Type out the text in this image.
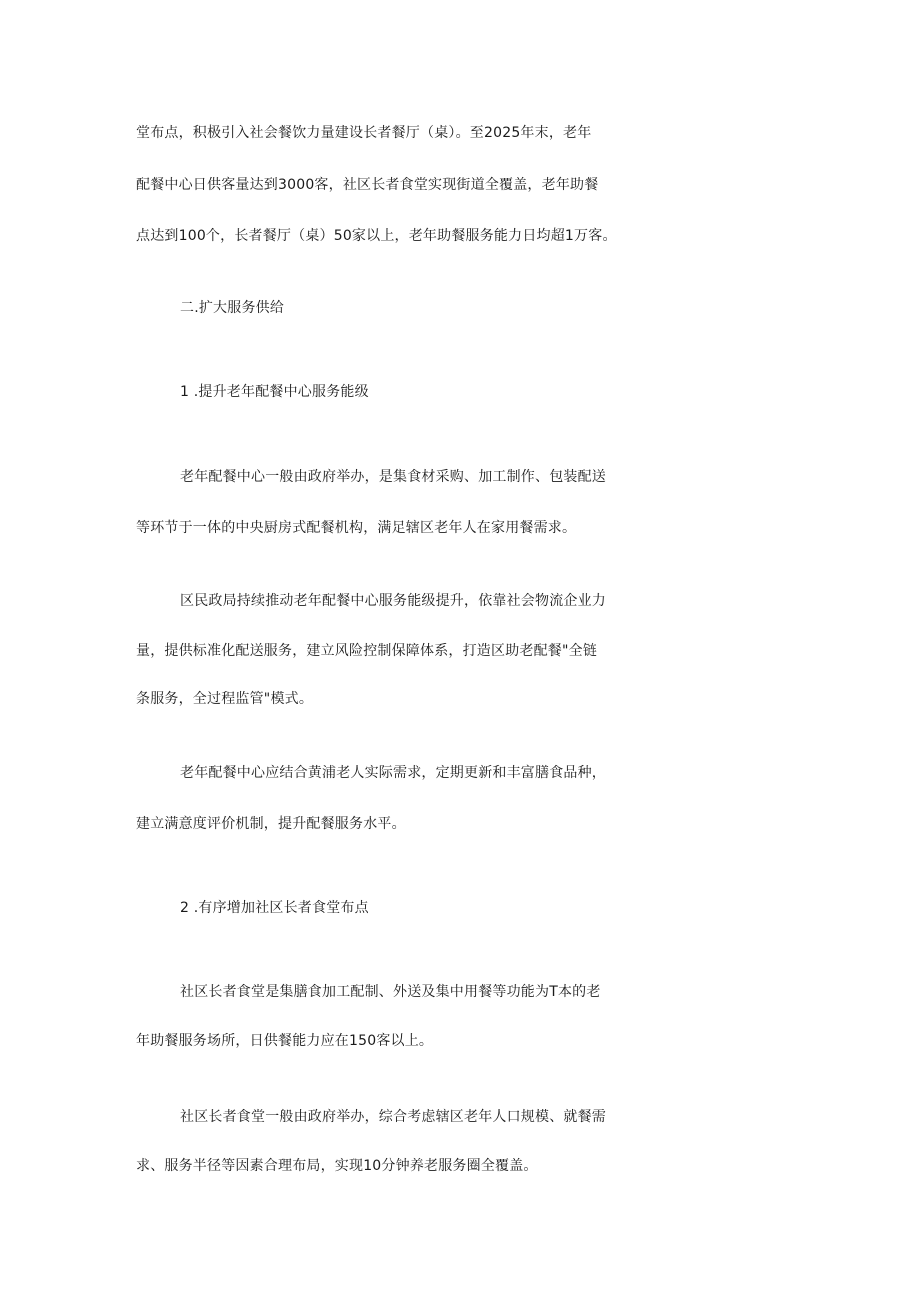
堂布点，积极引入社会餐饮力量建设长者餐厅（桌）。至2025年末，老年
配餐中心日供客量达到3000客，社区长者食堂实现街道全覆盖，老年助餐
点达到100个，长者餐厅（桌）50家以上，老年助餐服务能力日均超1万客。
二.扩大服务供给
1 .提升老年配餐中心服务能级
老年配餐中心一般由政府举办，是集食材采购、加工制作、包装配送
等环节于一体的中央厨房式配餐机构，满足辖区老年人在家用餐需求。
区民政局持续推动老年配餐中心服务能级提升，依靠社会物流企业力
量，提供标准化配送服务，建立风险控制保障体系，打造区助老配餐"全链
条服务，全过程监管"模式。
老年配餐中心应结合黄浦老人实际需求，定期更新和丰富膳食品种，
建立满意度评价机制，提升配餐服务水平。
2 .有序增加社区长者食堂布点
社区长者食堂是集膳食加工配制、外送及集中用餐等功能为T本的老
年助餐服务场所，日供餐能力应在150客以上。
社区长者食堂一般由政府举办，综合考虑辖区老年人口规模、就餐需
求、服务半径等因素合理布局，实现10分钟养老服务圈全覆盖。
